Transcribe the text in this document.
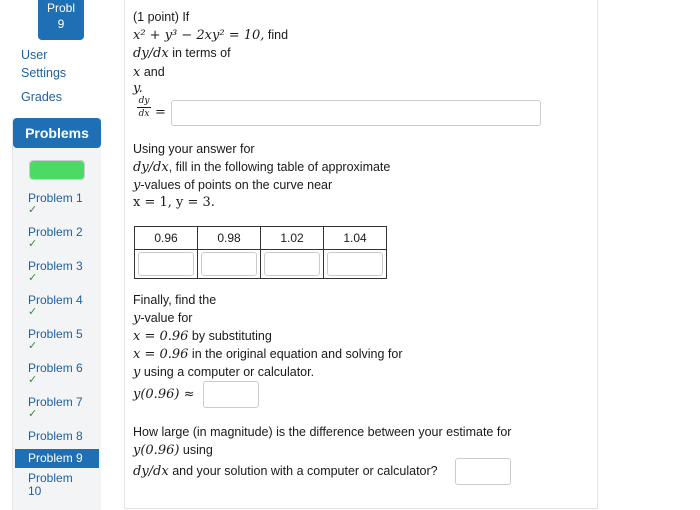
Probl
9
User
Settings
Grades
Problems
Problem 1
✓
Problem 2
✓
Problem 3
✓
Problem 4
✓
Problem 5
✓
Problem 6
✓
Problem 7
✓
Problem 8
Problem 9
Problem
10
(1 point) If
x² + y³ − 2xy² = 10, find
dy/dx in terms of
x and
y.
dy
dx =
Using your answer for
dy/dx, fill in the following table of approximate
y-values of points on the curve near
x = 1, y = 3.
0.96	0.98	1.02	1.04

Finally, find the
y-value for
x = 0.96 by substituting
x = 0.96 in the original equation and solving for
y using a computer or calculator.
y(0.96) ≈
How large (in magnitude) is the difference between your estimate for
y(0.96) using
dy/dx and your solution with a computer or calculator?
